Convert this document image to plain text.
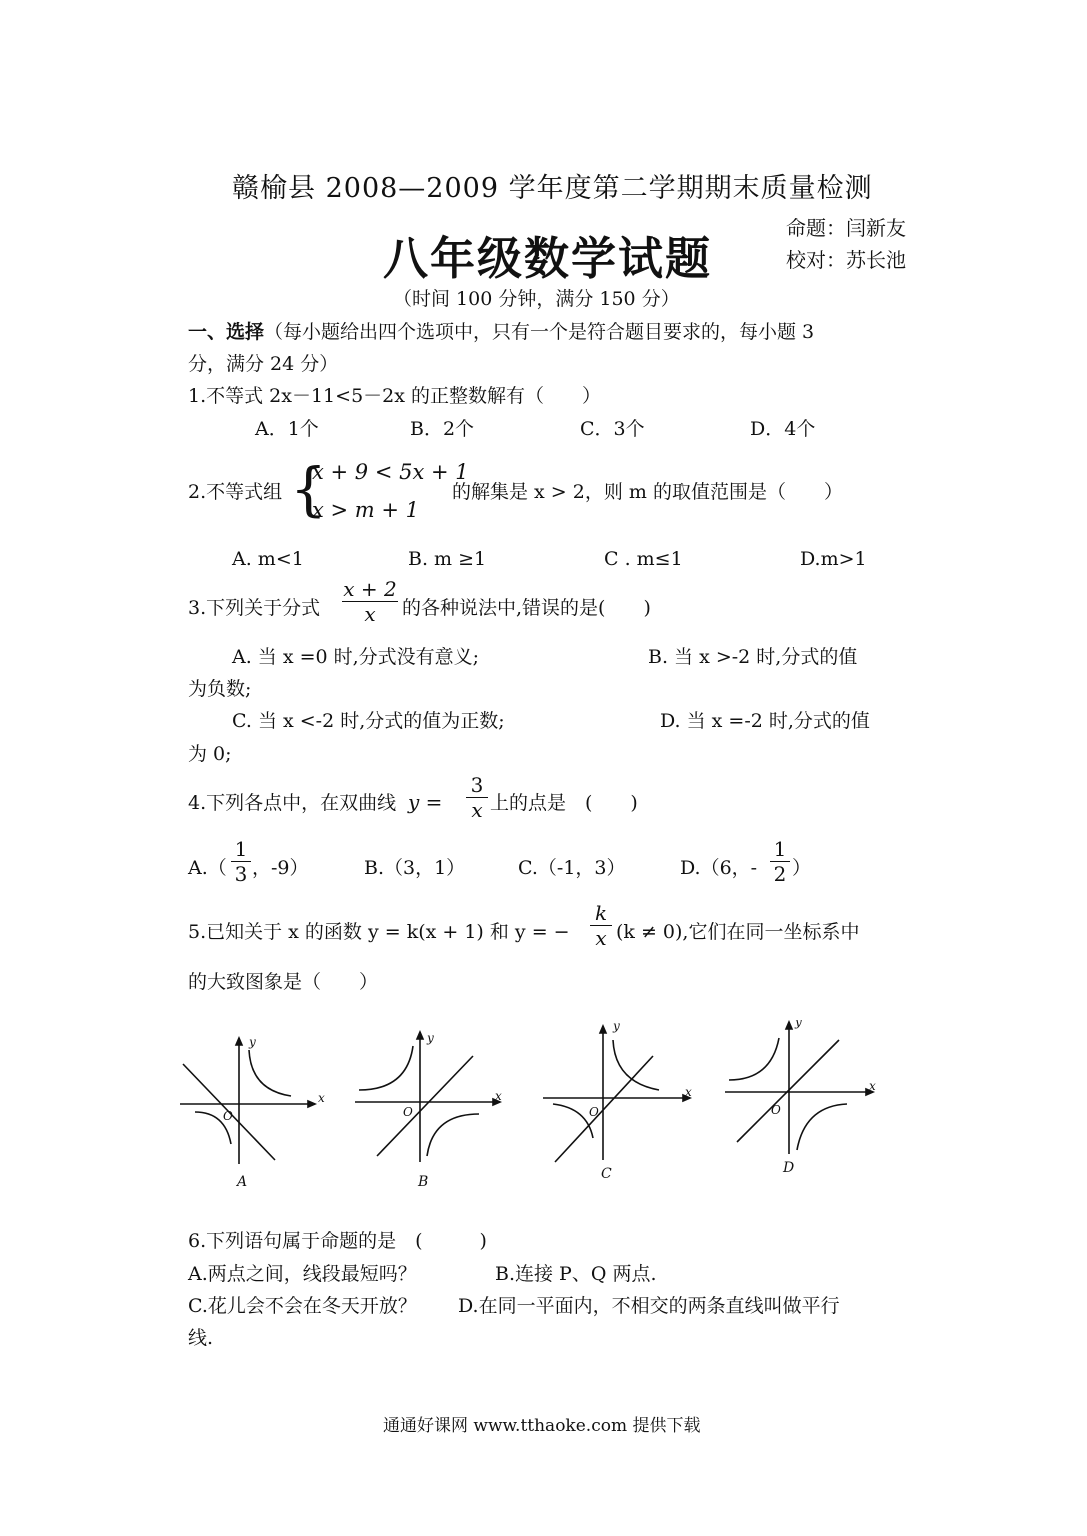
赣榆县 2008—2009 学年度第二学期期末质量检测
八年级数学试题
命题：闫新友
校对：苏长池
（时间 100 分钟，满分 150 分）
一、选择（每小题给出四个选项中，只有一个是符合题目要求的，每小题 3
分，满分 24 分）
1.不等式 2x－11<5－2x 的正整数解有（　　）
A．1个	B．2个	C．3个	D．4个
2.不等式组 {
x + 9 < 5x + 1
x > m + 1
的解集是 x > 2，则 m 的取值范围是（　　）
A. m<1	B. m ≥1	C . m≤1	D.m>1
3.下列关于分式
x + 2
x	的各种说法中,错误的是(　　)
A. 当 x =0 时,分式没有意义;	B. 当 x >-2 时,分式的值
为负数;
C. 当 x <-2 时,分式的值为正数;	D. 当 x =-2 时,分式的值
为 0;
4.下列各点中，在双曲线 y =
3
x 上的点是　(　　)
A.（
1
3 ，-9）	B.（3，1）	C.（-1，3）	D.（6，-
1
2 ）
5.已知关于 x 的函数 y = k(x + 1) 和 y = −
k
x (k ≠ 0),它们在同一坐标系中
的大致图象是（　　）
x
y
O
A
x
y
O
B
x
y
O
C
x
y
O
D
6.下列语句属于命题的是　(　　　)
A.两点之间，线段最短吗？	B.连接 P、Q 两点.
C.花儿会不会在冬天开放？ D.在同一平面内，不相交的两条直线叫做平行
线.
通通好课网 www.tthaoke.com 提供下载
